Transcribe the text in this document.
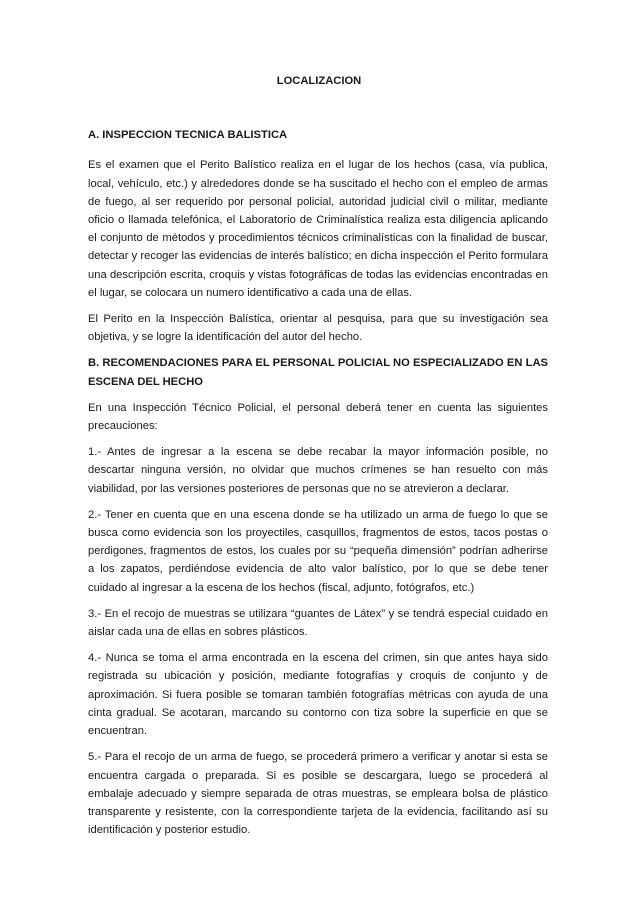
LOCALIZACION
A. INSPECCION TECNICA BALISTICA

Es el examen que el Perito Balístico realiza en el lugar de los hechos (casa, vía publica, local, vehículo, etc.) y alrededores donde se ha suscitado el hecho con el empleo de armas de fuego, al ser requerido por personal policial, autoridad judicial civil o militar, mediante oficio o llamada telefónica, el Laboratorio de Criminalística realiza esta diligencia aplicando el conjunto de métodos y procedimientos técnicos criminalísticas con la finalidad de buscar, detectar y recoger las evidencias de interés balístico; en dicha inspección el Perito formulara una descripción escrita, croquis y vistas fotográficas de todas las evidencias encontradas en el lugar, se colocara un numero identificativo a cada una de ellas.

El Perito en la Inspección Balística, orientar al pesquisa, para que su investigación sea objetiva, y se logre la identificación del autor del hecho.

B. RECOMENDACIONES PARA EL PERSONAL POLICIAL NO ESPECIALIZADO EN LAS ESCENA DEL HECHO

En una Inspección Técnico Policial, el personal deberá tener en cuenta las siguientes precauciones:

1.- Antes de ingresar a la escena se debe recabar la mayor información posible, no descartar ninguna versión, no olvidar que muchos crímenes se han resuelto con más viabilidad, por las versiones posteriores de personas que no se atrevieron a declarar.

2.- Tener en cuenta que en una escena donde se ha utilizado un arma de fuego lo que se busca como evidencia son los proyectiles, casquillos, fragmentos de estos, tacos postas o perdigones, fragmentos de estos, los cuales por su “pequeña dimensión” podrían adherirse a los zapatos, perdiéndose evidencia de alto valor balístico, por lo que se debe tener cuidado al ingresar a la escena de los hechos (fiscal, adjunto, fotógrafos, etc.)

3.- En el recojo de muestras se utilizara “guantes de Látex” y se tendrá especial cuidado en aislar cada una de ellas en sobres plásticos.

4.- Nunca se toma el arma encontrada en la escena del crimen, sin que antes haya sido registrada su ubicación y posición, mediante fotografías y croquis de conjunto y de aproximación. Si fuera posible se tomaran también fotografías métricas con ayuda de una cinta gradual. Se acotaran, marcando su contorno con tiza sobre la superficie en que se encuentran.

5.- Para el recojo de un arma de fuego, se procederá primero a verificar y anotar si esta se encuentra cargada o preparada. Si es posible se descargara, luego se procederá al embalaje adecuado y siempre separada de otras muestras, se empleara bolsa de plástico transparente y resistente, con la correspondiente tarjeta de la evidencia, facilitando así su identificación y posterior estudio.
